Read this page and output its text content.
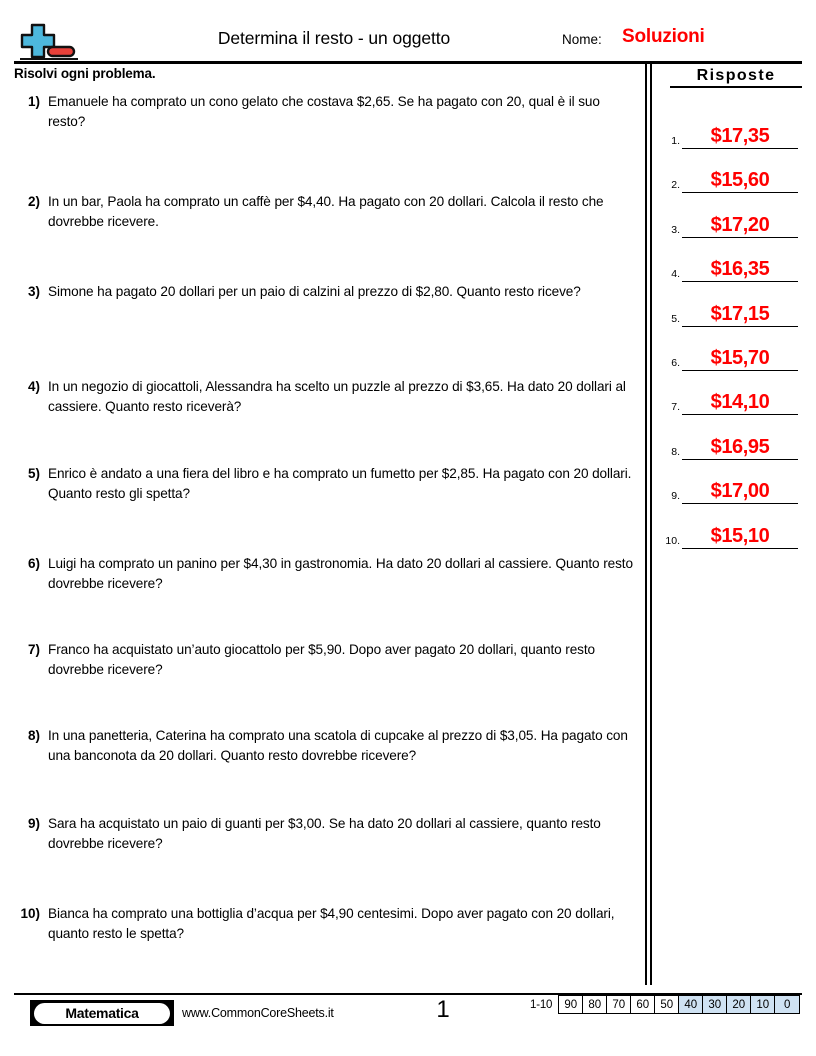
Determina il resto - un oggetto	Nome: Soluzioni
Risolvi ogni problema.
1) Emanuele ha comprato un cono gelato che costava $2,65. Se ha pagato con 20, qual è il suo resto?
2) In un bar, Paola ha comprato un caffè per $4,40. Ha pagato con 20 dollari. Calcola il resto che dovrebbe ricevere.
3) Simone ha pagato 20 dollari per un paio di calzini al prezzo di $2,80. Quanto resto riceve?
4) In un negozio di giocattoli, Alessandra ha scelto un puzzle al prezzo di $3,65. Ha dato 20 dollari al cassiere. Quanto resto riceverà?
5) Enrico è andato a una fiera del libro e ha comprato un fumetto per $2,85. Ha pagato con 20 dollari. Quanto resto gli spetta?
6) Luigi ha comprato un panino per $4,30 in gastronomia. Ha dato 20 dollari al cassiere. Quanto resto dovrebbe ricevere?
7) Franco ha acquistato un’auto giocattolo per $5,90. Dopo aver pagato 20 dollari, quanto resto dovrebbe ricevere?
8) In una panetteria, Caterina ha comprato una scatola di cupcake al prezzo di $3,05. Ha pagato con una banconota da 20 dollari. Quanto resto dovrebbe ricevere?
9) Sara ha acquistato un paio di guanti per $3,00. Se ha dato 20 dollari al cassiere, quanto resto dovrebbe ricevere?
10) Bianca ha comprato una bottiglia d’acqua per $4,90 centesimi. Dopo aver pagato con 20 dollari, quanto resto le spetta?
Risposte
1.	$17,35
2.	$15,60
3.	$17,20
4.	$16,35
5.	$17,15
6.	$15,70
7.	$14,10
8.	$16,95
9.	$17,00
10.	$15,10
Matematica	www.CommonCoreSheets.it	1	1-10	90 80 70 60 50 40 30 20 10	0
